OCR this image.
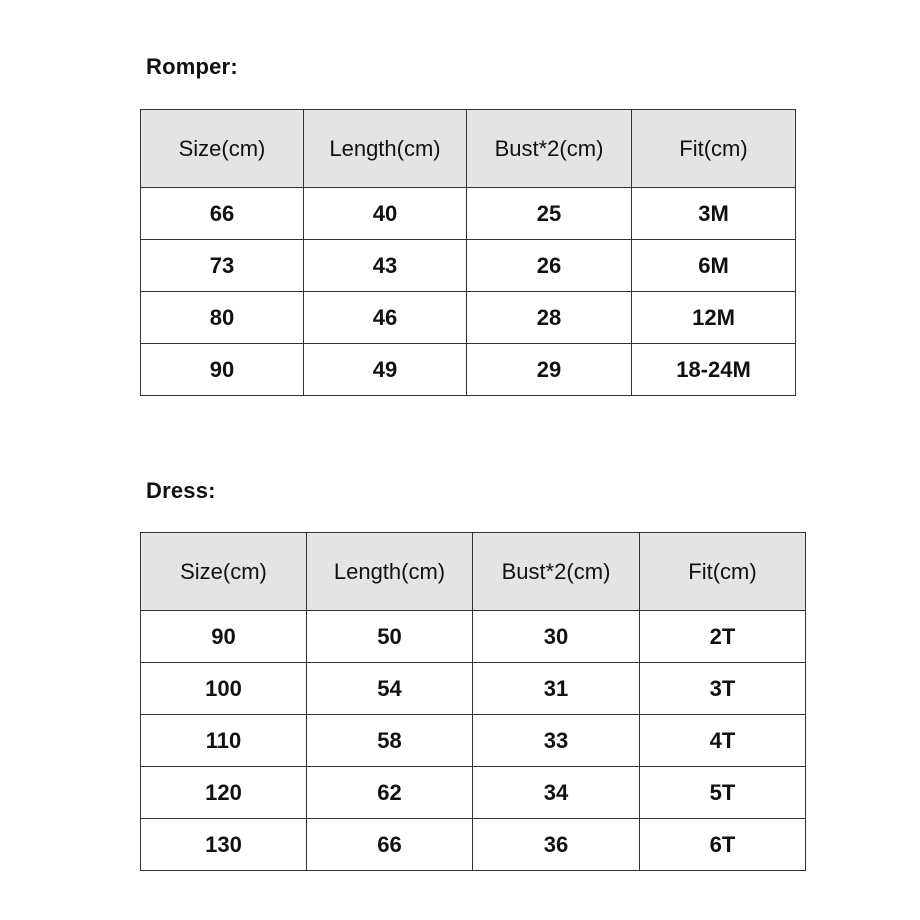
Romper:
Size(cm)	Length(cm)	Bust*2(cm)	Fit(cm)
66	40	25	3M
73	43	26	6M
80	46	28	12M
90	49	29	18-24M
Dress:
Size(cm)	Length(cm)	Bust*2(cm)	Fit(cm)
90	50	30	2T
100	54	31	3T
110	58	33	4T
120	62	34	5T
130	66	36	6T
